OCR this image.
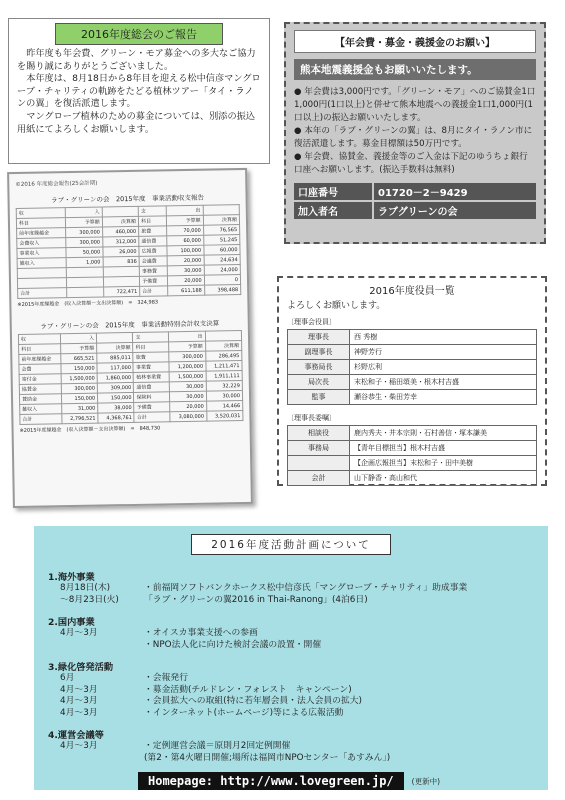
2016年度総会のご報告

昨年度も年会費、グリーン・モア募金への多大なご協力を賜り誠にありがとうございました。

本年度は、8月18日から8年目を迎える松中信彦マングローブ・チャリティの軌跡をたどる植林ツアー「タイ・ラノンの翼」を復活派遣します。

マングローブ植林のための募金については、別添の振込用紙にてよろしくお願いします。

【年会費・募金・義援金のお願い】
熊本地震義援金もお願いいたします。

● 年会費は3,000円です。「グリーン・モア」へのご協賛金1口1,000円(1口以上)と併せて熊本地震への義援金1口1,000円(1口以上)の振込お願いいたします。

● 本年の「ラブ・グリーンの翼」は、8月にタイ・ラノン市に復活派遣します。募金目標額は50万円です。

● 年会費、協賛金、義援金等のご入金は下記のゆうちょ銀行口座へお願いします。(振込手数料は無料)

口座番号	01720－2－9429
加入者名	ラブグリーンの会
©2016 年度総会報告(25会計期)
ラブ・グリーンの会　2015年度　事業活動収支報告
収	入		支	出	
科目	予算額	決算額	科目	予算額	決算額
前年度繰越金	300,000	460,000	旅費	70,000	76,565
会費収入	300,000	312,000	通信費	60,000	51,245
事業収入	50,000	26,000	広報費	100,000	60,000
雑収入	1,000	836	会議費	20,000	24,634
			事務費	30,000	24,000
			予備費	20,000	0
合計		722,471	合計	611,188	398,488
※2015年度繰越金　(収入決算額－支出決算額)　=　324,983
ラブ・グリーンの会　2015年度　事業活動特別会計収支決算
収	入		支	出	
科目	予算額	決算額	科目	予算額	決算額
前年度繰越金	665,521	885,011	旅費	300,000	286,495
会費	150,000	117,000	事業費	1,200,000	1,211,471
寄付金	1,500,000	1,860,000	植林事業費	1,500,000	1,911,111
協賛金	300,000	309,000	通信費	30,000	32,229
賛助金	150,000	150,000	保険料	30,000	30,000
雑収入	31,000	38,000	予備費	20,000	14,466
合計	2,796,521	4,368,761	合計	3,080,000	3,520,031
※2015年度繰越金　(収入決算額－支出決算額)　=　848,730
2016年度役員一覧
よろしくお願いします。
〔理事会役員〕
理事長	西 秀樹
副理事長	神野芳行
事務局長	杉野広利
局次長	末松和子・稲田頌美・根木村吉盛
監事	瀬谷恭生・柴田芳幸
〔理事長委嘱〕
相談役	鹿内秀夫・井本宗則・石村善信・塚本謙美
事務局	【青年目標担当】根木村吉盛
	【企画広報担当】末松和子・田中美樹
会計	山下静香・高山和代
2016年度活動計画について
1.海外事業
8月18日(木)	・前福岡ソフトバンクホークス松中信彦氏「マングローブ・チャリティ」助成事業
～8月23日(火)	「ラブ・グリーンの翼2016 in Thai-Ranong」(4泊6日)
2.国内事業
4月～3月	・オイスカ事業支援への参画
・NPO法人化に向けた検討会議の設置・開催
3.緑化啓発活動
6月	・会報発行
4月～3月	・募金活動(チルドレン・フォレスト　キャンペーン)
4月～3月	・会員拡大への取組(特に若年層会員・法人会員の拡大)
4月～3月	・インターネット(ホームページ)等による広報活動
4.運営会議等
4月～3月	・定例運営会議＝原則月2回定例開催
(第2・第4火曜日開催;場所は福岡市NPOセンター「あすみん」)
Homepage: http://www.lovegreen.jp/	(更新中)
